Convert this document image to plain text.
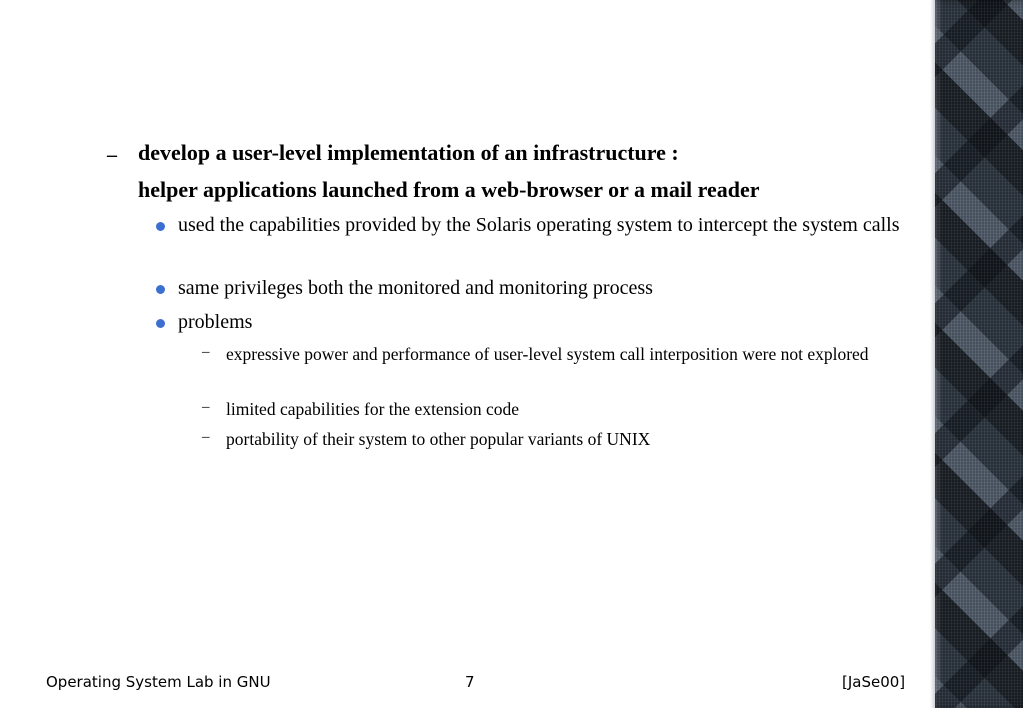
– develop a user-level implementation of an infrastructure :
helper applications launched from a web-browser or a mail reader
used the capabilities provided by the Solaris operating system to intercept the system calls
same privileges both the monitored and monitoring process
problems
– expressive power and performance of user-level system call interposition were not explored
– limited capabilities for the extension code
– portability of their system to other popular variants of UNIX
Operating System Lab in GNU	7	[JaSe00]
